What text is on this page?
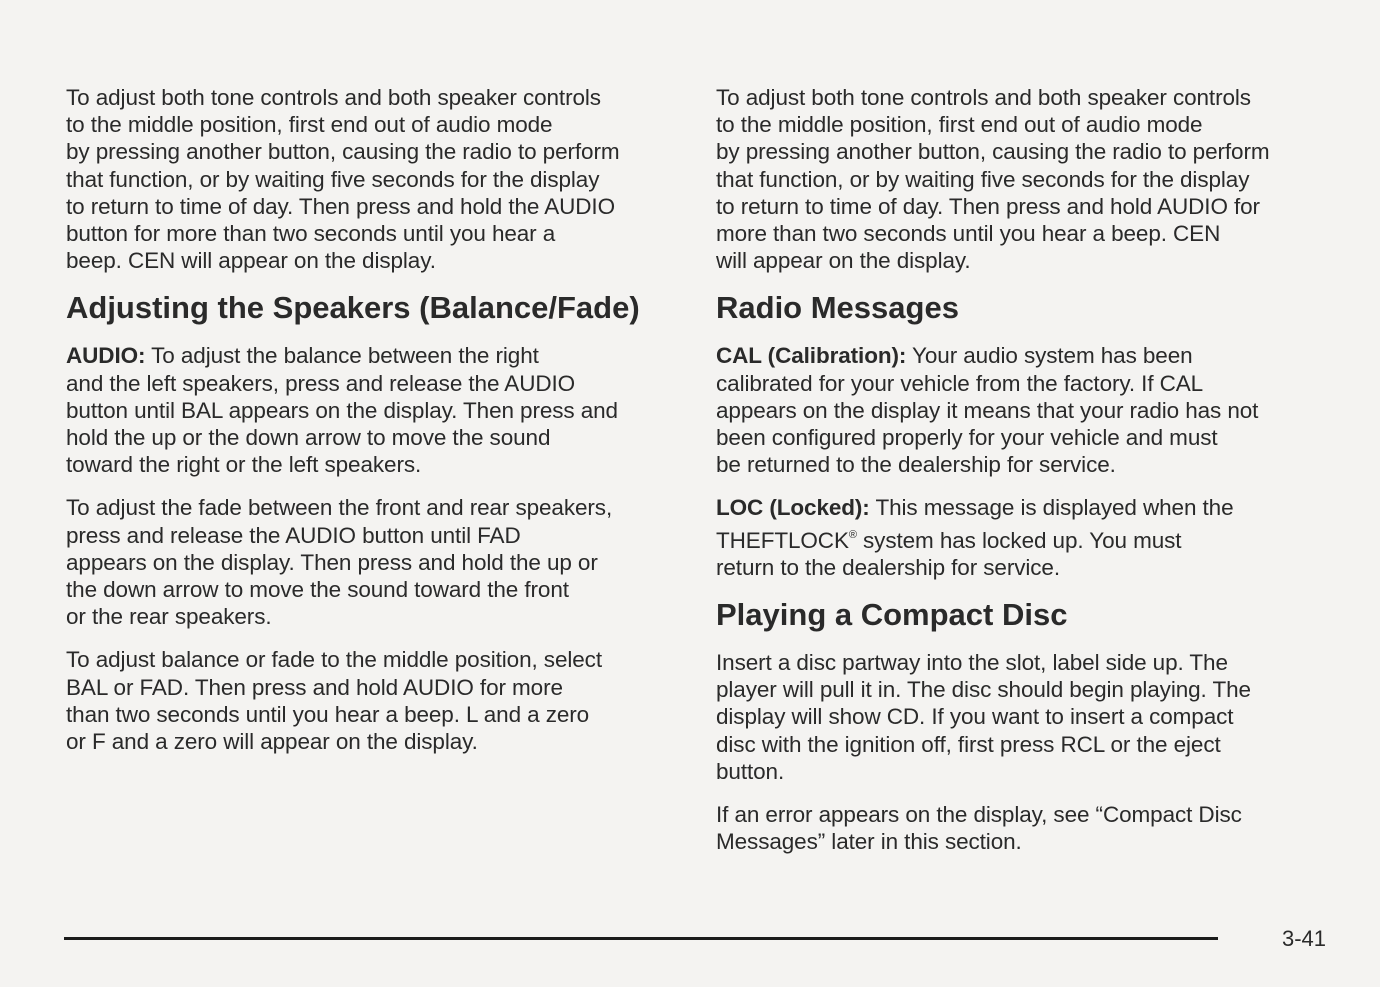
To adjust both tone controls and both speaker controls
to the middle position, first end out of audio mode
by pressing another button, causing the radio to perform
that function, or by waiting five seconds for the display
to return to time of day. Then press and hold the AUDIO
button for more than two seconds until you hear a
beep. CEN will appear on the display.

Adjusting the Speakers (Balance/Fade)

AUDIO: To adjust the balance between the right
and the left speakers, press and release the AUDIO
button until BAL appears on the display. Then press and
hold the up or the down arrow to move the sound
toward the right or the left speakers.

To adjust the fade between the front and rear speakers,
press and release the AUDIO button until FAD
appears on the display. Then press and hold the up or
the down arrow to move the sound toward the front
or the rear speakers.

To adjust balance or fade to the middle position, select
BAL or FAD. Then press and hold AUDIO for more
than two seconds until you hear a beep. L and a zero
or F and a zero will appear on the display.

To adjust both tone controls and both speaker controls
to the middle position, first end out of audio mode
by pressing another button, causing the radio to perform
that function, or by waiting five seconds for the display
to return to time of day. Then press and hold AUDIO for
more than two seconds until you hear a beep. CEN
will appear on the display.

Radio Messages

CAL (Calibration): Your audio system has been
calibrated for your vehicle from the factory. If CAL
appears on the display it means that your radio has not
been configured properly for your vehicle and must
be returned to the dealership for service.

LOC (Locked): This message is displayed when the
THEFTLOCK® system has locked up. You must
return to the dealership for service.

Playing a Compact Disc

Insert a disc partway into the slot, label side up. The
player will pull it in. The disc should begin playing. The
display will show CD. If you want to insert a compact
disc with the ignition off, first press RCL or the eject
button.

If an error appears on the display, see “Compact Disc
Messages” later in this section.

3-41
